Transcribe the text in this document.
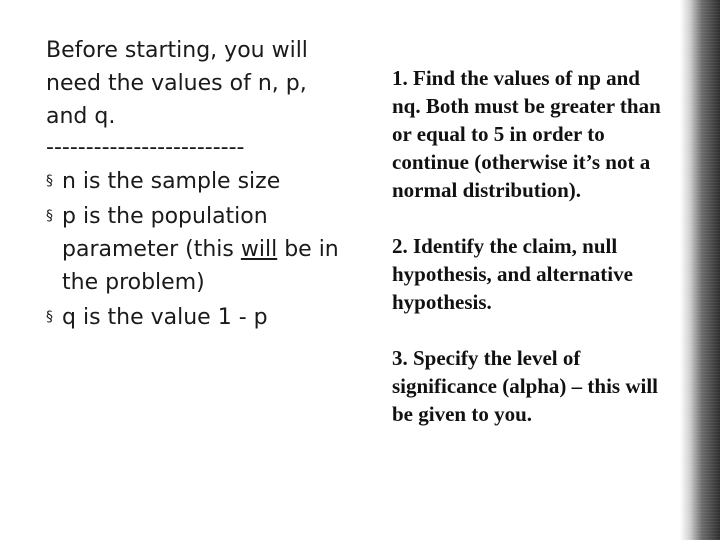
Before starting, you will need the values of n, p, and q.

-------------------------

§ n is the sample size
§ p is the population parameter (this will be in the problem)
§ q is the value 1 - p

1. Find the values of np and nq. Both must be greater than or equal to 5 in order to continue (otherwise it’s not a normal distribution).

2. Identify the claim, null hypothesis, and alternative hypothesis.

3. Specify the level of significance (alpha) – this will be given to you.
